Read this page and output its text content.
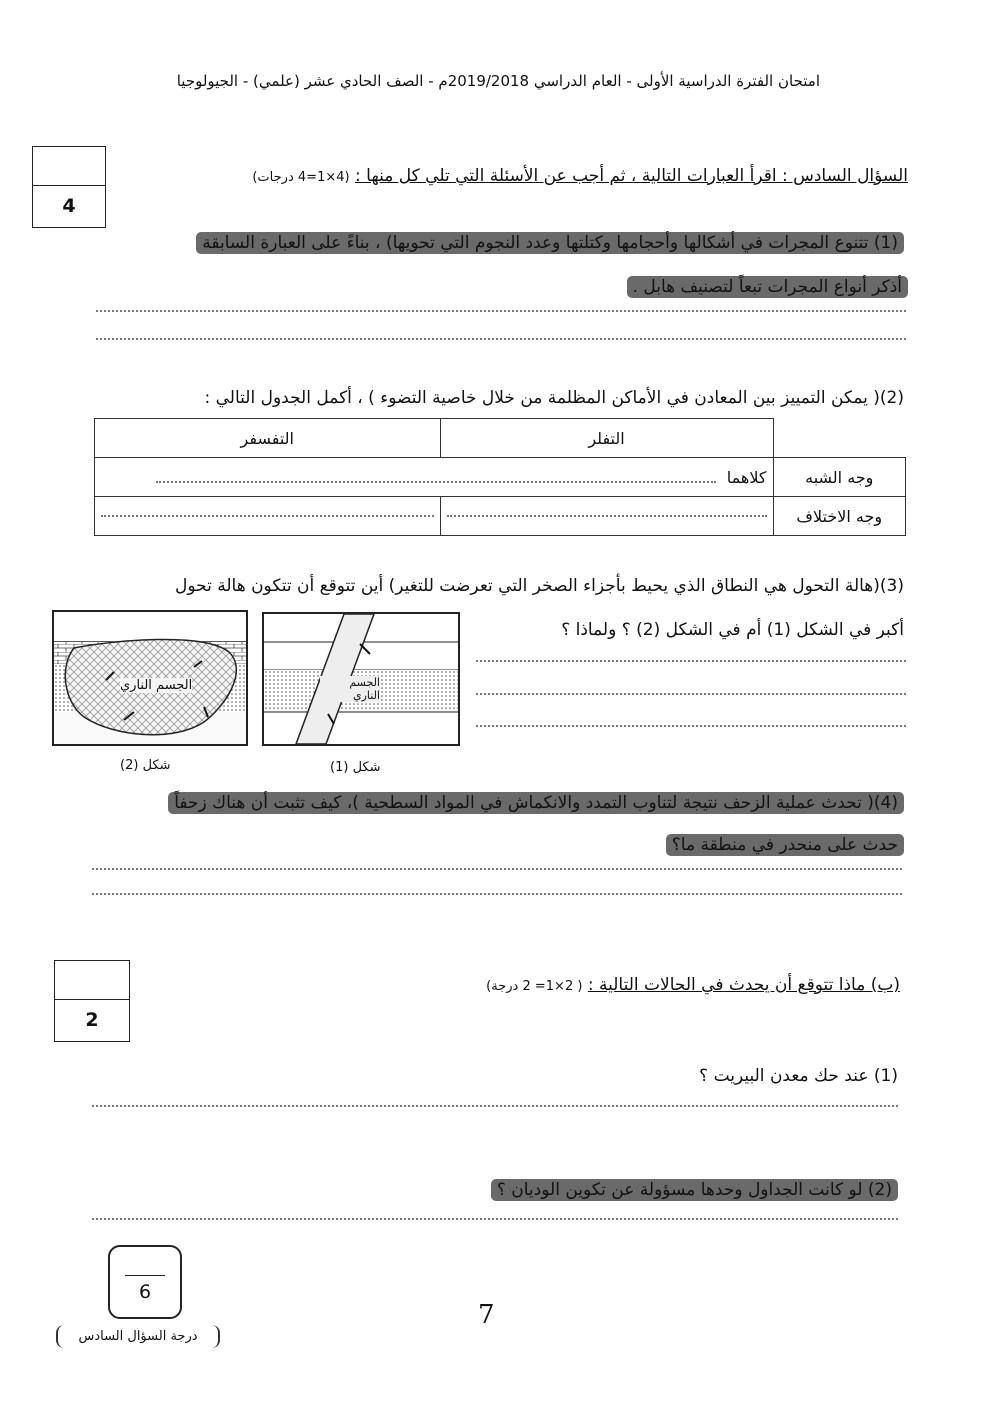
امتحان الفترة الدراسية الأولى - العام الدراسي 2019/2018م - الصف الحادي عشر (علمي) - الجيولوجيا
4
السؤال السادس : اقرأ العبارات التالية ، ثم أجب عن الأسئلة التي تلي كل منها : (4×1=4 درجات)
(1) تتنوع المجرات في أشكالها وأحجامها وكتلتها وعدد النجوم التي تحويها) ، بناءً على العبارة السابقة
أذكر أنواع المجرات تبعاً لتصنيف هابل .
(2)( يمكن التمييز بين المعادن في الأماكن المظلمة من خلال خاصية التضوء ) ، أكمل الجدول التالي :
	التفلر	التفسفر
وجه الشبه	كلاهما	
وجه الاختلاف	

(3)(هالة التحول هي النطاق الذي يحيط بأجزاء الصخر التي تعرضت للتغير) أين تتوقع أن تتكون هالة تحول
أكبر في الشكل (1) أم في الشكل (2) ؟ ولماذا ؟
الجسم الناري
شكل (2)
الجسم الناري
شكل (1)
(4)( تحدث عملية الزحف نتيجة لتناوب التمدد والانكماش في المواد السطحية )، كيف تثبت أن هناك زحفاً
حدث على منحدر في منطقة ما؟
2
(ب) ماذا تتوقع أن يحدث في الحالات التالية : ( 2×1= 2 درجة)
(1) عند حك معدن البيريت ؟
(2) لو كانت الجداول وحدها مسؤولة عن تكوين الوديان ؟
6
درجة السؤال السادس
7
